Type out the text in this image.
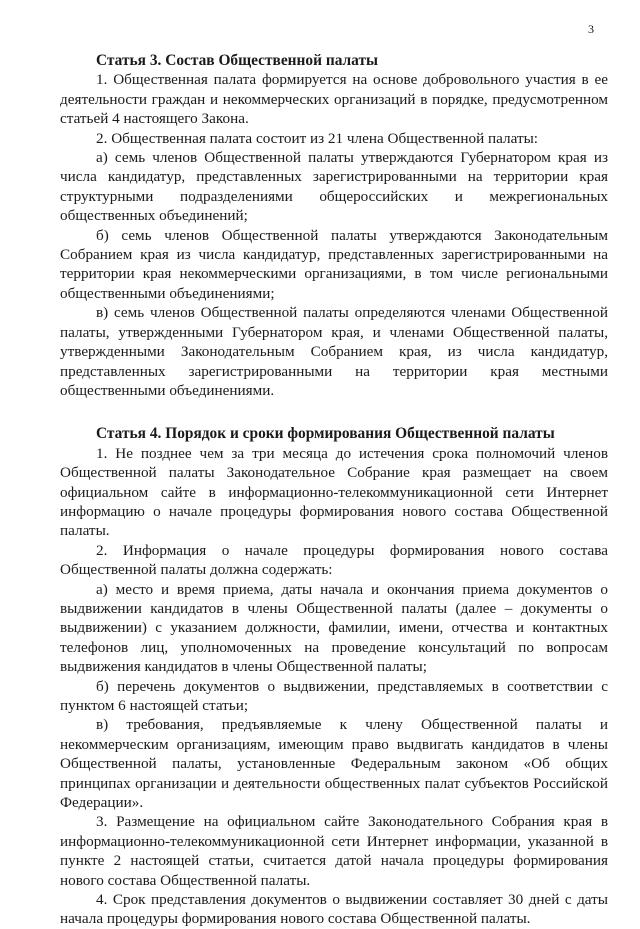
3

Статья 3. Состав Общественной палаты

1. Общественная палата формируется на основе добровольного участия в ее деятельности граждан и некоммерческих организаций в порядке, предусмотренном статьей 4 настоящего Закона.

2. Общественная палата состоит из 21 члена Общественной палаты:

а) семь членов Общественной палаты утверждаются Губернатором края из числа кандидатур, представленных зарегистрированными на территории края структурными подразделениями общероссийских и межрегиональных общественных объединений;

б) семь членов Общественной палаты утверждаются Законодательным Собранием края из числа кандидатур, представленных зарегистрированными на территории края некоммерческими организациями, в том числе региональными общественными объединениями;

в) семь членов Общественной палаты определяются членами Общественной палаты, утвержденными Губернатором края, и членами Общественной палаты, утвержденными Законодательным Собранием края, из числа кандидатур, представленных зарегистрированными на территории края местными общественными объединениями.

Статья 4. Порядок и сроки формирования Общественной палаты

1. Не позднее чем за три месяца до истечения срока полномочий членов Общественной палаты Законодательное Собрание края размещает на своем официальном сайте в информационно-телекоммуникационной сети Интернет информацию о начале процедуры формирования нового состава Общественной палаты.

2. Информация о начале процедуры формирования нового состава Общественной палаты должна содержать:

а) место и время приема, даты начала и окончания приема документов о выдвижении кандидатов в члены Общественной палаты (далее – документы о выдвижении) с указанием должности, фамилии, имени, отчества и контактных телефонов лиц, уполномоченных на проведение консультаций по вопросам выдвижения кандидатов в члены Общественной палаты;

б) перечень документов о выдвижении, представляемых в соответствии с пунктом 6 настоящей статьи;

в) требования, предъявляемые к члену Общественной палаты и некоммерческим организациям, имеющим право выдвигать кандидатов в члены Общественной палаты, установленные Федеральным законом «Об общих принципах организации и деятельности общественных палат субъектов Российской Федерации».

3. Размещение на официальном сайте Законодательного Собрания края в информационно-телекоммуникационной сети Интернет информации, указанной в пункте 2 настоящей статьи, считается датой начала процедуры формирования нового состава Общественной палаты.

4. Срок представления документов о выдвижении составляет 30 дней с даты начала процедуры формирования нового состава Общественной палаты.
